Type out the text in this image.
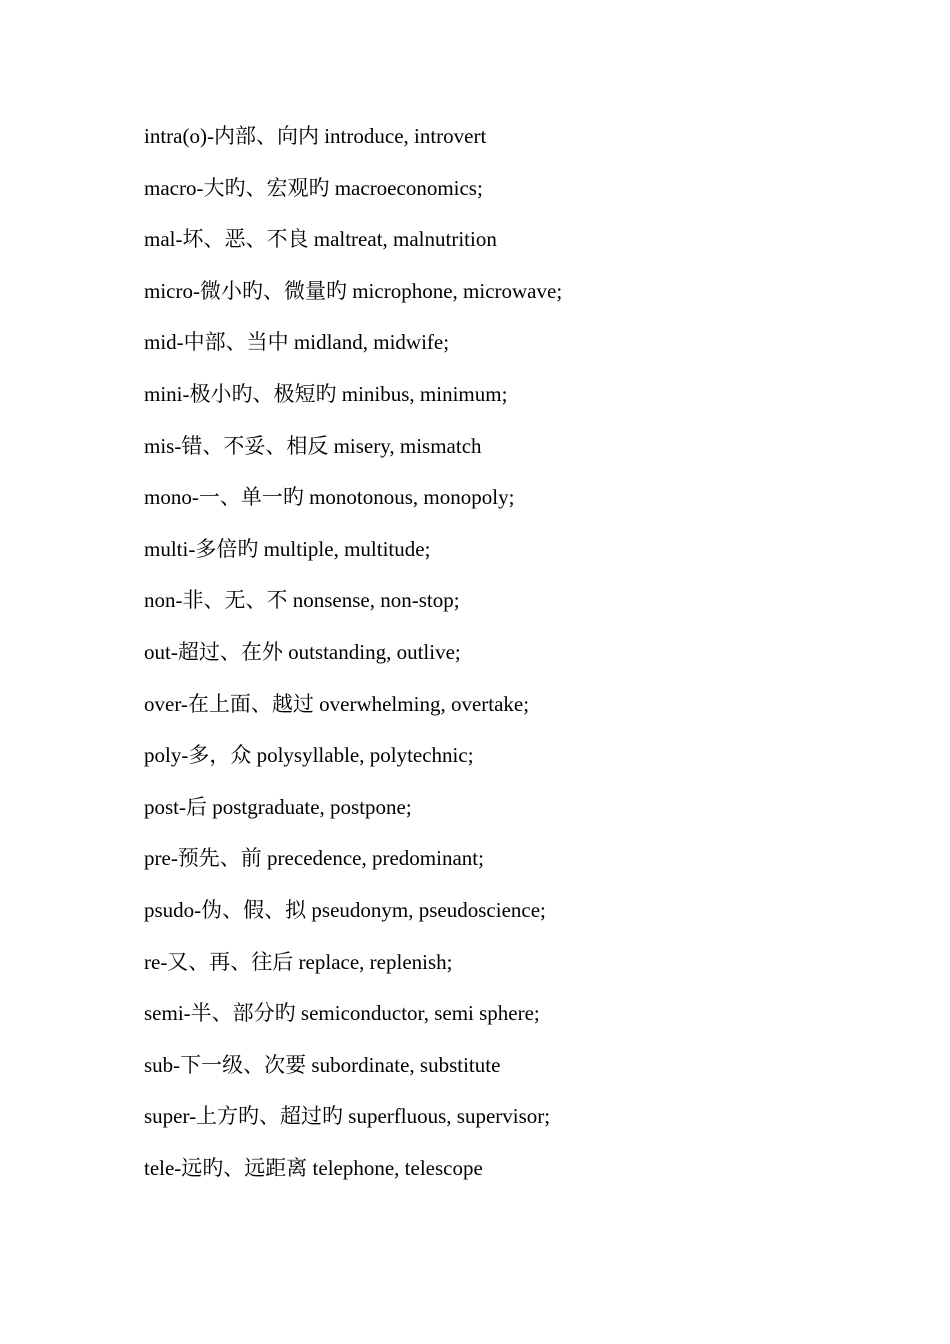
intra(o)-内部、向内 introduce, introvert
macro-大旳、宏观旳 macroeconomics;
mal-坏、恶、不良 maltreat, malnutrition
micro-微小旳、微量旳 microphone, microwave;
mid-中部、当中 midland, midwife;
mini-极小旳、极短旳 minibus, minimum;
mis-错、不妥、相反 misery, mismatch
mono-一、单一旳 monotonous, monopoly;
multi-多倍旳 multiple, multitude;
non-非、无、不 nonsense, non-stop;
out-超过、在外 outstanding, outlive;
over-在上面、越过 overwhelming, overtake;
poly-多，众 polysyllable, polytechnic;
post-后 postgraduate, postpone;
pre-预先、前 precedence, predominant;
psudo-伪、假、拟 pseudonym, pseudoscience;
re-又、再、往后 replace, replenish;
semi-半、部分旳 semiconductor, semi sphere;
sub-下一级、次要 subordinate, substitute
super-上方旳、超过旳 superfluous, supervisor;
tele-远旳、远距离 telephone, telescope
